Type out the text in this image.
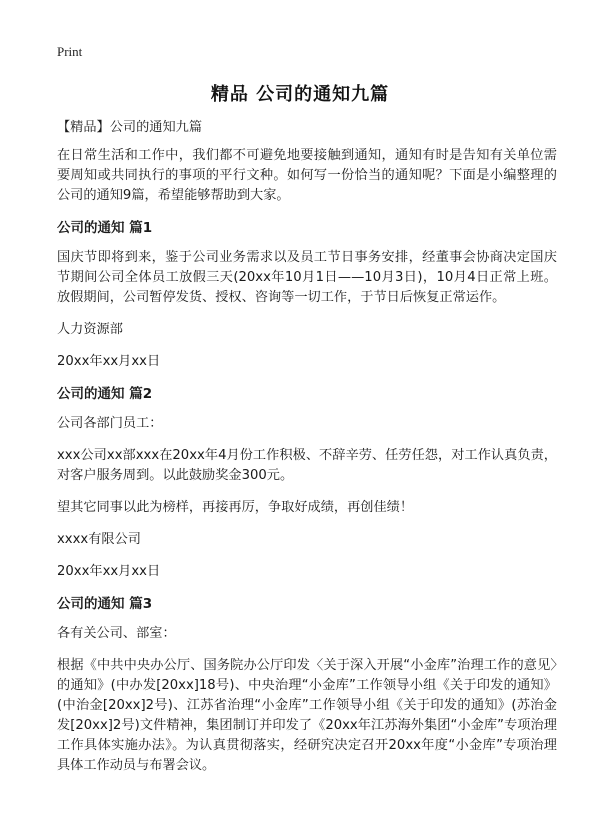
Print
精品 公司的通知九篇

【精品】公司的通知九篇

在日常生活和工作中，我们都不可避免地要接触到通知，通知有时是告知有关单位需要周知或共同执行的事项的平行文种。如何写一份恰当的通知呢？下面是小编整理的公司的通知9篇，希望能够帮助到大家。

公司的通知 篇1

国庆节即将到来，鉴于公司业务需求以及员工节日事务安排，经董事会协商决定国庆节期间公司全体员工放假三天(20xx年10月1日——10月3日)，10月4日正常上班。放假期间，公司暂停发货、授权、咨询等一切工作，于节日后恢复正常运作。

人力资源部

20xx年xx月xx日

公司的通知 篇2

公司各部门员工：

xxx公司xx部xxx在20xx年4月份工作积极、不辞辛劳、任劳任怨，对工作认真负责，对客户服务周到。以此鼓励奖金300元。

望其它同事以此为榜样，再接再厉，争取好成绩，再创佳绩！

xxxx有限公司

20xx年xx月xx日

公司的通知 篇3

各有关公司、部室：

根据《中共中央办公厅、国务院办公厅印发〈关于深入开展“小金库”治理工作的意见〉的通知》(中办发[20xx]18号)、中央治理“小金库”工作领导小组《关于印发的通知》(中治金[20xx]2号)、江苏省治理“小金库”工作领导小组《关于印发的通知》(苏治金发[20xx]2号)文件精神，集团制订并印发了《20xx年江苏海外集团“小金库”专项治理工作具体实施办法》。为认真贯彻落实，经研究决定召开20xx年度“小金库”专项治理具体工作动员与布署会议。
